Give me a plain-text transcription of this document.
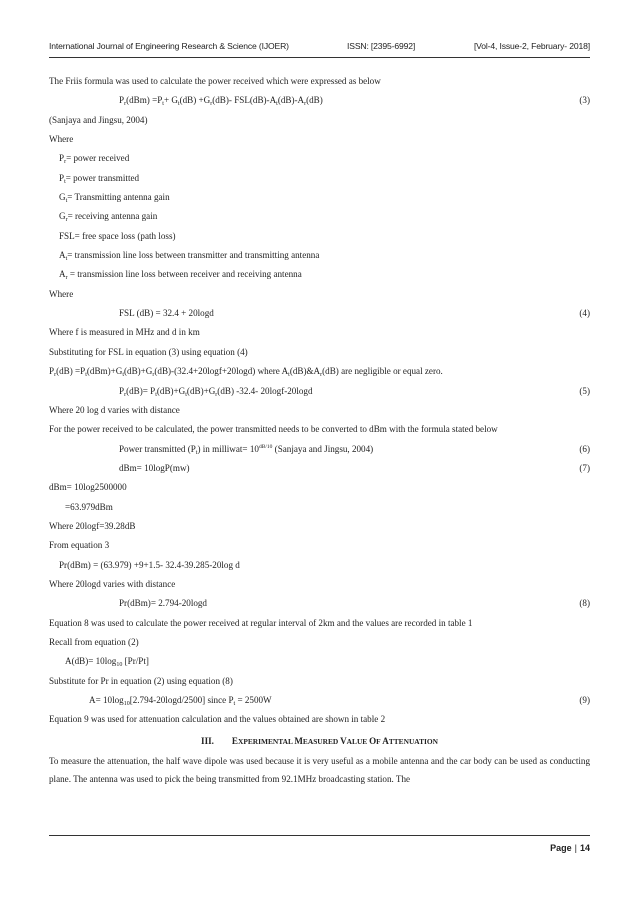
International Journal of Engineering Research & Science (IJOER)	ISSN: [2395-6992]	[Vol-4, Issue-2, February- 2018]
The Friis formula was used to calculate the power received which were expressed as below
$P_r(dBm) =P_t+ G_t(dB) +G_r(dB)-$ $FSL(dB)-A_t(dB)-A_r(dB)$	(3)
(Sanjaya and Jingsu, 2004)
Where
$P_r=$ power received
$P_t=$ power transmitted
$G_t=$ Transmitting antenna gain
$G_r=$ receiving antenna gain
FSL= free space loss (path loss)
$A_t=$ transmission line loss between transmitter and transmitting antenna
$A_r$ = transmission line loss between receiver and receiving antenna
Where
FSL (dB) = 32.4 + 20logd	(4)
Where f is measured in MHz and d in km
Substituting for FSL in equation (3) using equation (4)
$P_r(dB) =P_t(dBm)+G_t(dB)+G_r(dB)-(32.4+20\log f+20\log d)$ where $A_t(dB)\&A_r(dB)$ are negligible or equal zero.
$P_r(dB)= P_t(dB)+G_t(dB)+G_r(dB)$ -32.4- 20logf-20logd	(5)
Where 20 log d varies with distance
For the power received to be calculated, the power transmitted needs to be converted to dBm with the formula stated below
Power transmitted $(P_t)$ in milliwat= $10^{dB/10}$ (Sanjaya and Jingsu, 2004)	(6)
dBm= 10logP(mw)	(7)
dBm= 10log2500000
=63.979dBm
Where 20logf=39.28dB
From equation 3
Pr(dBm) = (63.979) +9+1.5- 32.4-39.285-20log d
Where 20logd varies with distance
Pr(dBm)= 2.794-20logd	(8)
Equation 8 was used to calculate the power received at regular interval of 2km and the values are recorded in table 1
Recall from equation (2)
$A(dB)= 10\log_{10}$ [Pr/Pt]
Substitute for Pr in equation (2) using equation (8)
$A= 10\log_{10}[2.794-20\log d/2500]$ since $P_t = 2500W$	(9)
Equation 9 was used for attenuation calculation and the values obtained are shown in table 2
III. EXPERIMENTAL MEASURED VALUE OF ATTENUATION
To measure the attenuation, the half wave dipole was used because it is very useful as a mobile antenna and the car body can be used as conducting plane. The antenna was used to pick the being transmitted from 92.1MHz broadcasting station. The
Page | 14
